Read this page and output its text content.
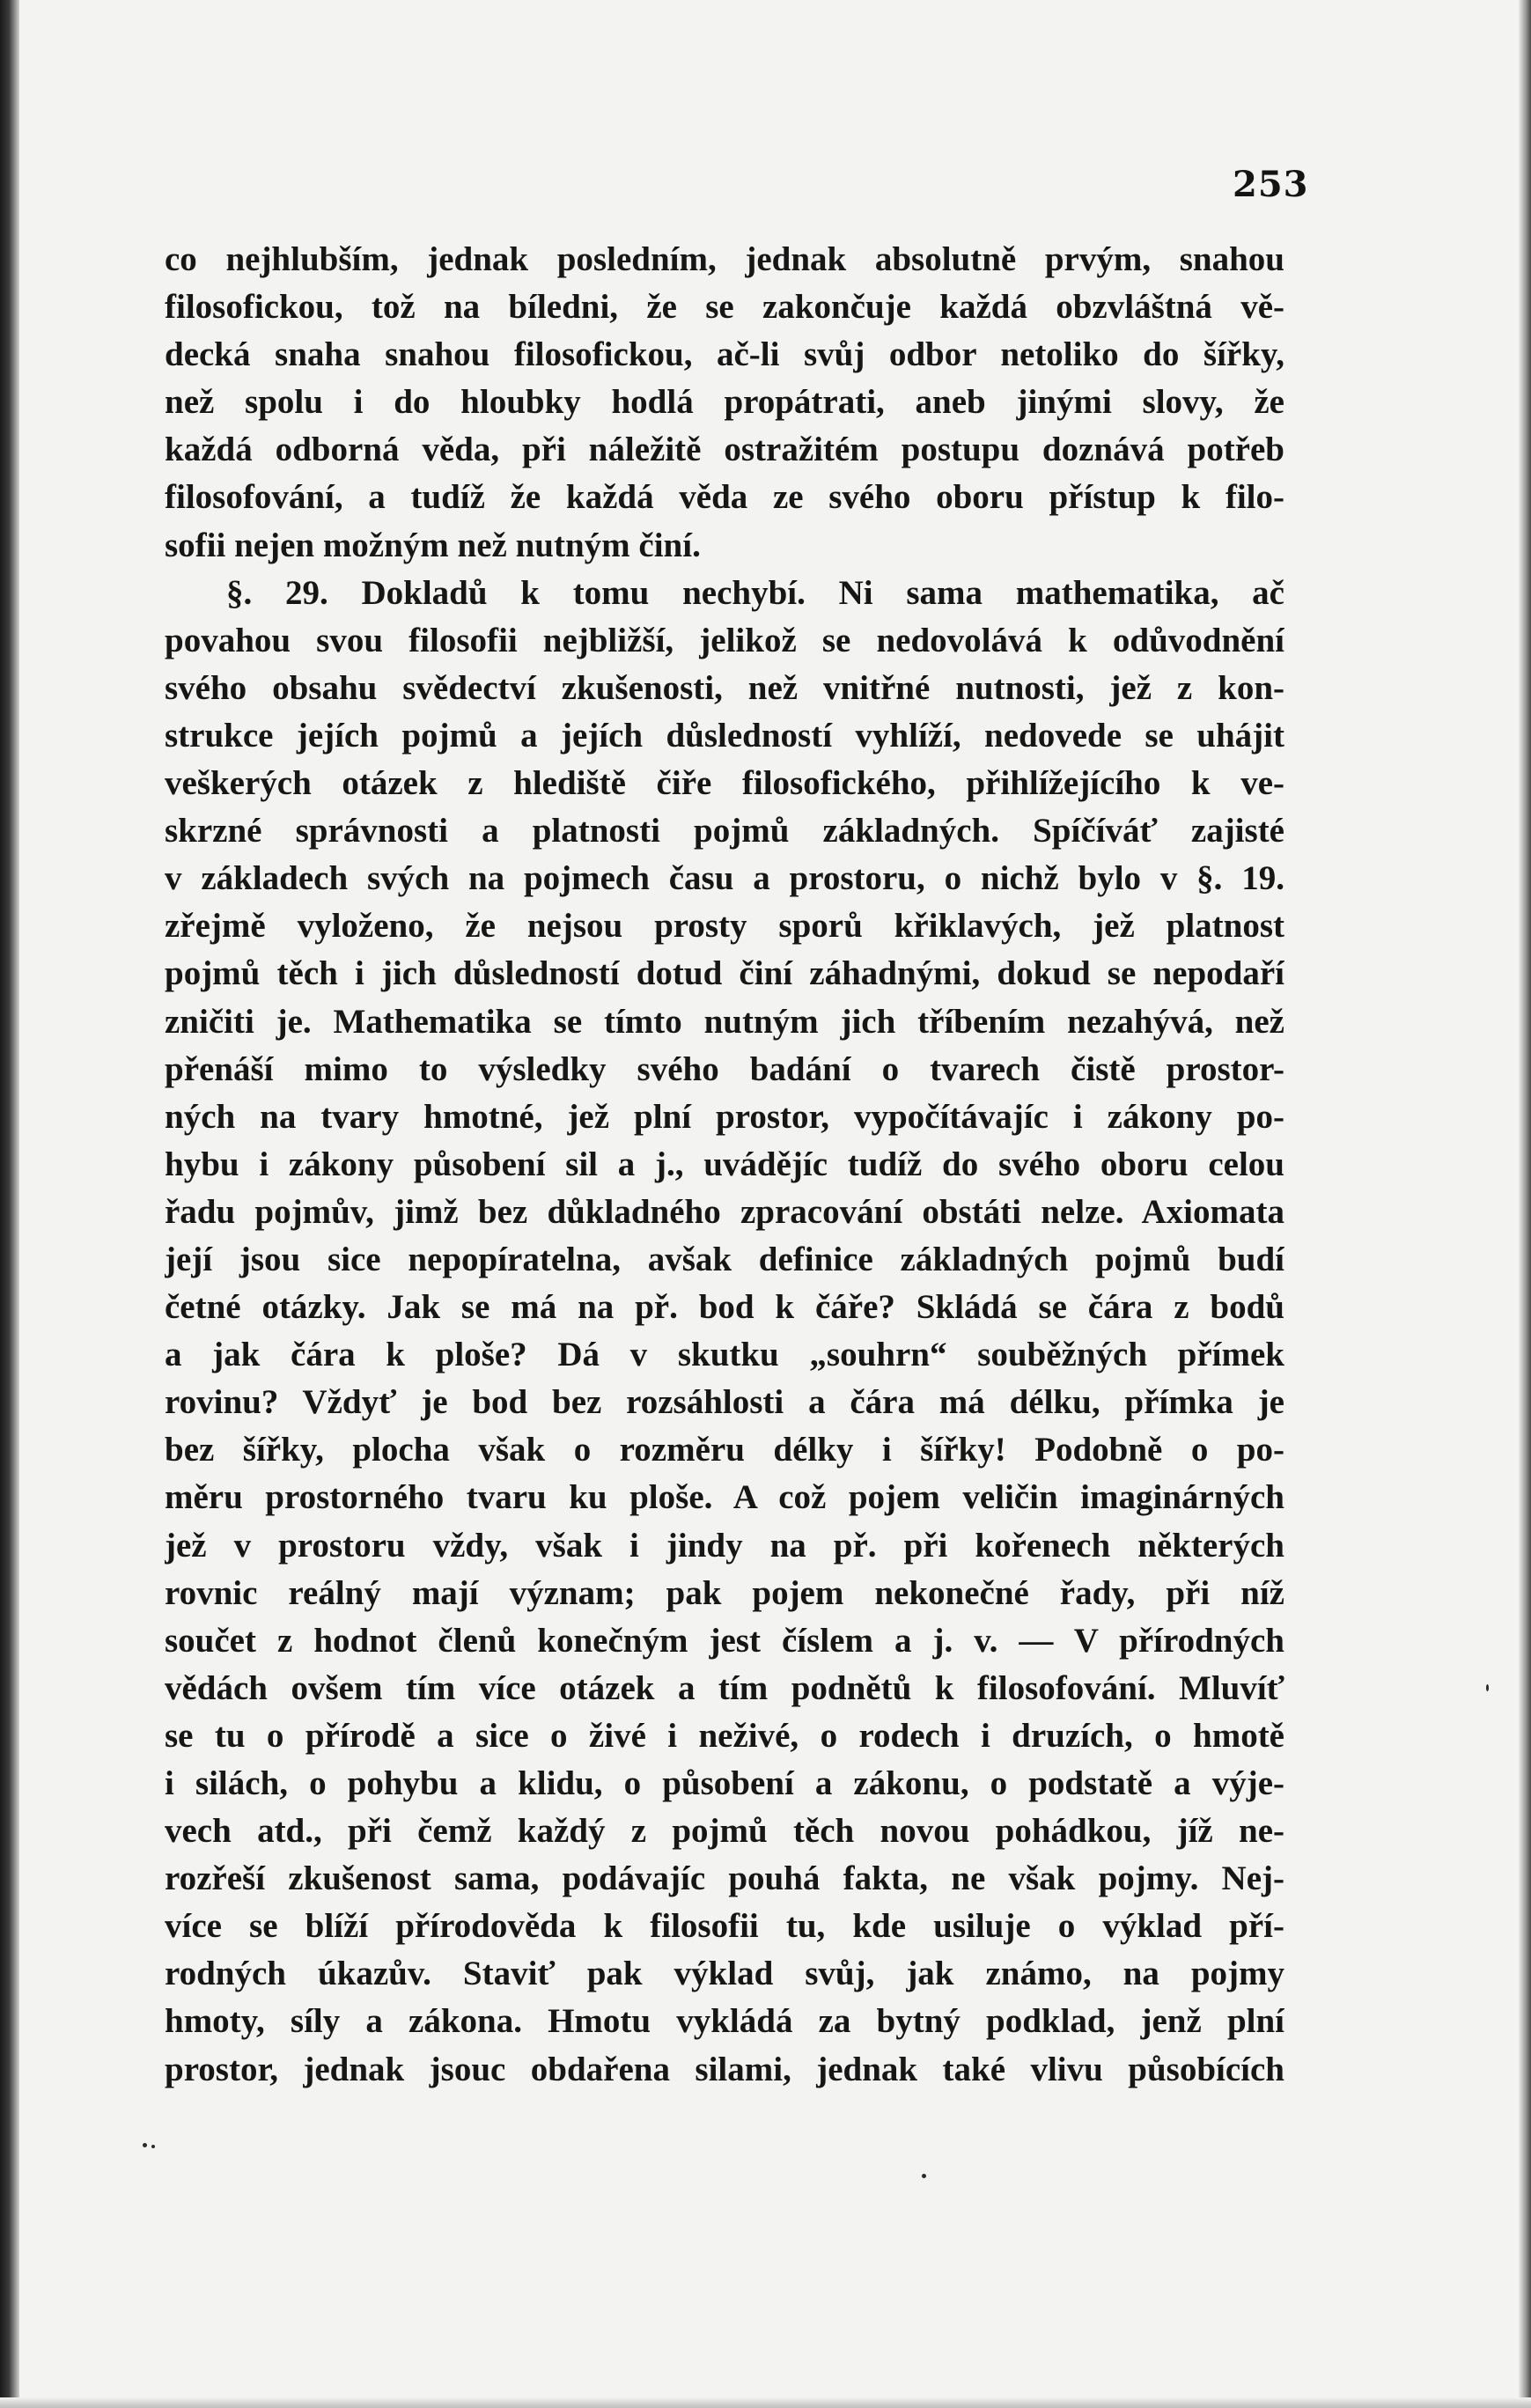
253
co nejhlubším, jednak posledním, jednak absolutně prvým, snahou
filosofickou, tož na bíledni, že se zakončuje každá obzvláštná vě-
decká snaha snahou filosofickou, ač-li svůj odbor netoliko do šířky,
než spolu i do hloubky hodlá propátrati, aneb jinými slovy, že
každá odborná věda, při náležitě ostražitém postupu doznává potřeb
filosofování, a tudíž že každá věda ze svého oboru přístup k filo-
sofii nejen možným než nutným činí.
§. 29. Dokladů k tomu nechybí. Ni sama mathematika, ač
povahou svou filosofii nejbližší, jelikož se nedovolává k odůvodnění
svého obsahu svědectví zkušenosti, než vnitřné nutnosti, jež z kon-
strukce jejích pojmů a jejích důsledností vyhlíží, nedovede se uhájit
veškerých otázek z hlediště čiře filosofického, přihlížejícího k ve-
skrzné správnosti a platnosti pojmů základných. Spíčíváť zajisté
v základech svých na pojmech času a prostoru, o nichž bylo v §. 19.
zřejmě vyloženo, že nejsou prosty sporů křiklavých, jež platnost
pojmů těch i jich důsledností dotud činí záhadnými, dokud se nepodaří
zničiti je. Mathematika se tímto nutným jich tříbením nezahývá, než
přenáší mimo to výsledky svého badání o tvarech čistě prostor-
ných na tvary hmotné, jež plní prostor, vypočítávajíc i zákony po-
hybu i zákony působení sil a j., uvádějíc tudíž do svého oboru celou
řadu pojmův, jimž bez důkladného zpracování obstáti nelze. Axiomata
její jsou sice nepopíratelna, avšak definice základných pojmů budí
četné otázky. Jak se má na př. bod k čáře? Skládá se čára z bodů
a jak čára k ploše? Dá v skutku „souhrn“ souběžných přímek
rovinu? Vždyť je bod bez rozsáhlosti a čára má délku, přímka je
bez šířky, plocha však o rozměru délky i šířky! Podobně o po-
měru prostorného tvaru ku ploše. A což pojem veličin imaginárných
jež v prostoru vždy, však i jindy na př. při kořenech některých
rovnic reálný mají význam; pak pojem nekonečné řady, při níž
součet z hodnot členů konečným jest číslem a j. v. — V přírodných
vědách ovšem tím více otázek a tím podnětů k filosofování. Mluvíť
se tu o přírodě a sice o živé i neživé, o rodech i druzích, o hmotě
i silách, o pohybu a klidu, o působení a zákonu, o podstatě a výje-
vech atd., při čemž každý z pojmů těch novou pohádkou, jíž ne-
rozřeší zkušenost sama, podávajíc pouhá fakta, ne však pojmy. Nej-
více se blíží přírodověda k filosofii tu, kde usiluje o výklad pří-
rodných úkazův. Staviť pak výklad svůj, jak známo, na pojmy
hmoty, síly a zákona. Hmotu vykládá za bytný podklad, jenž plní
prostor, jednak jsouc obdařena silami, jednak také vlivu působících
